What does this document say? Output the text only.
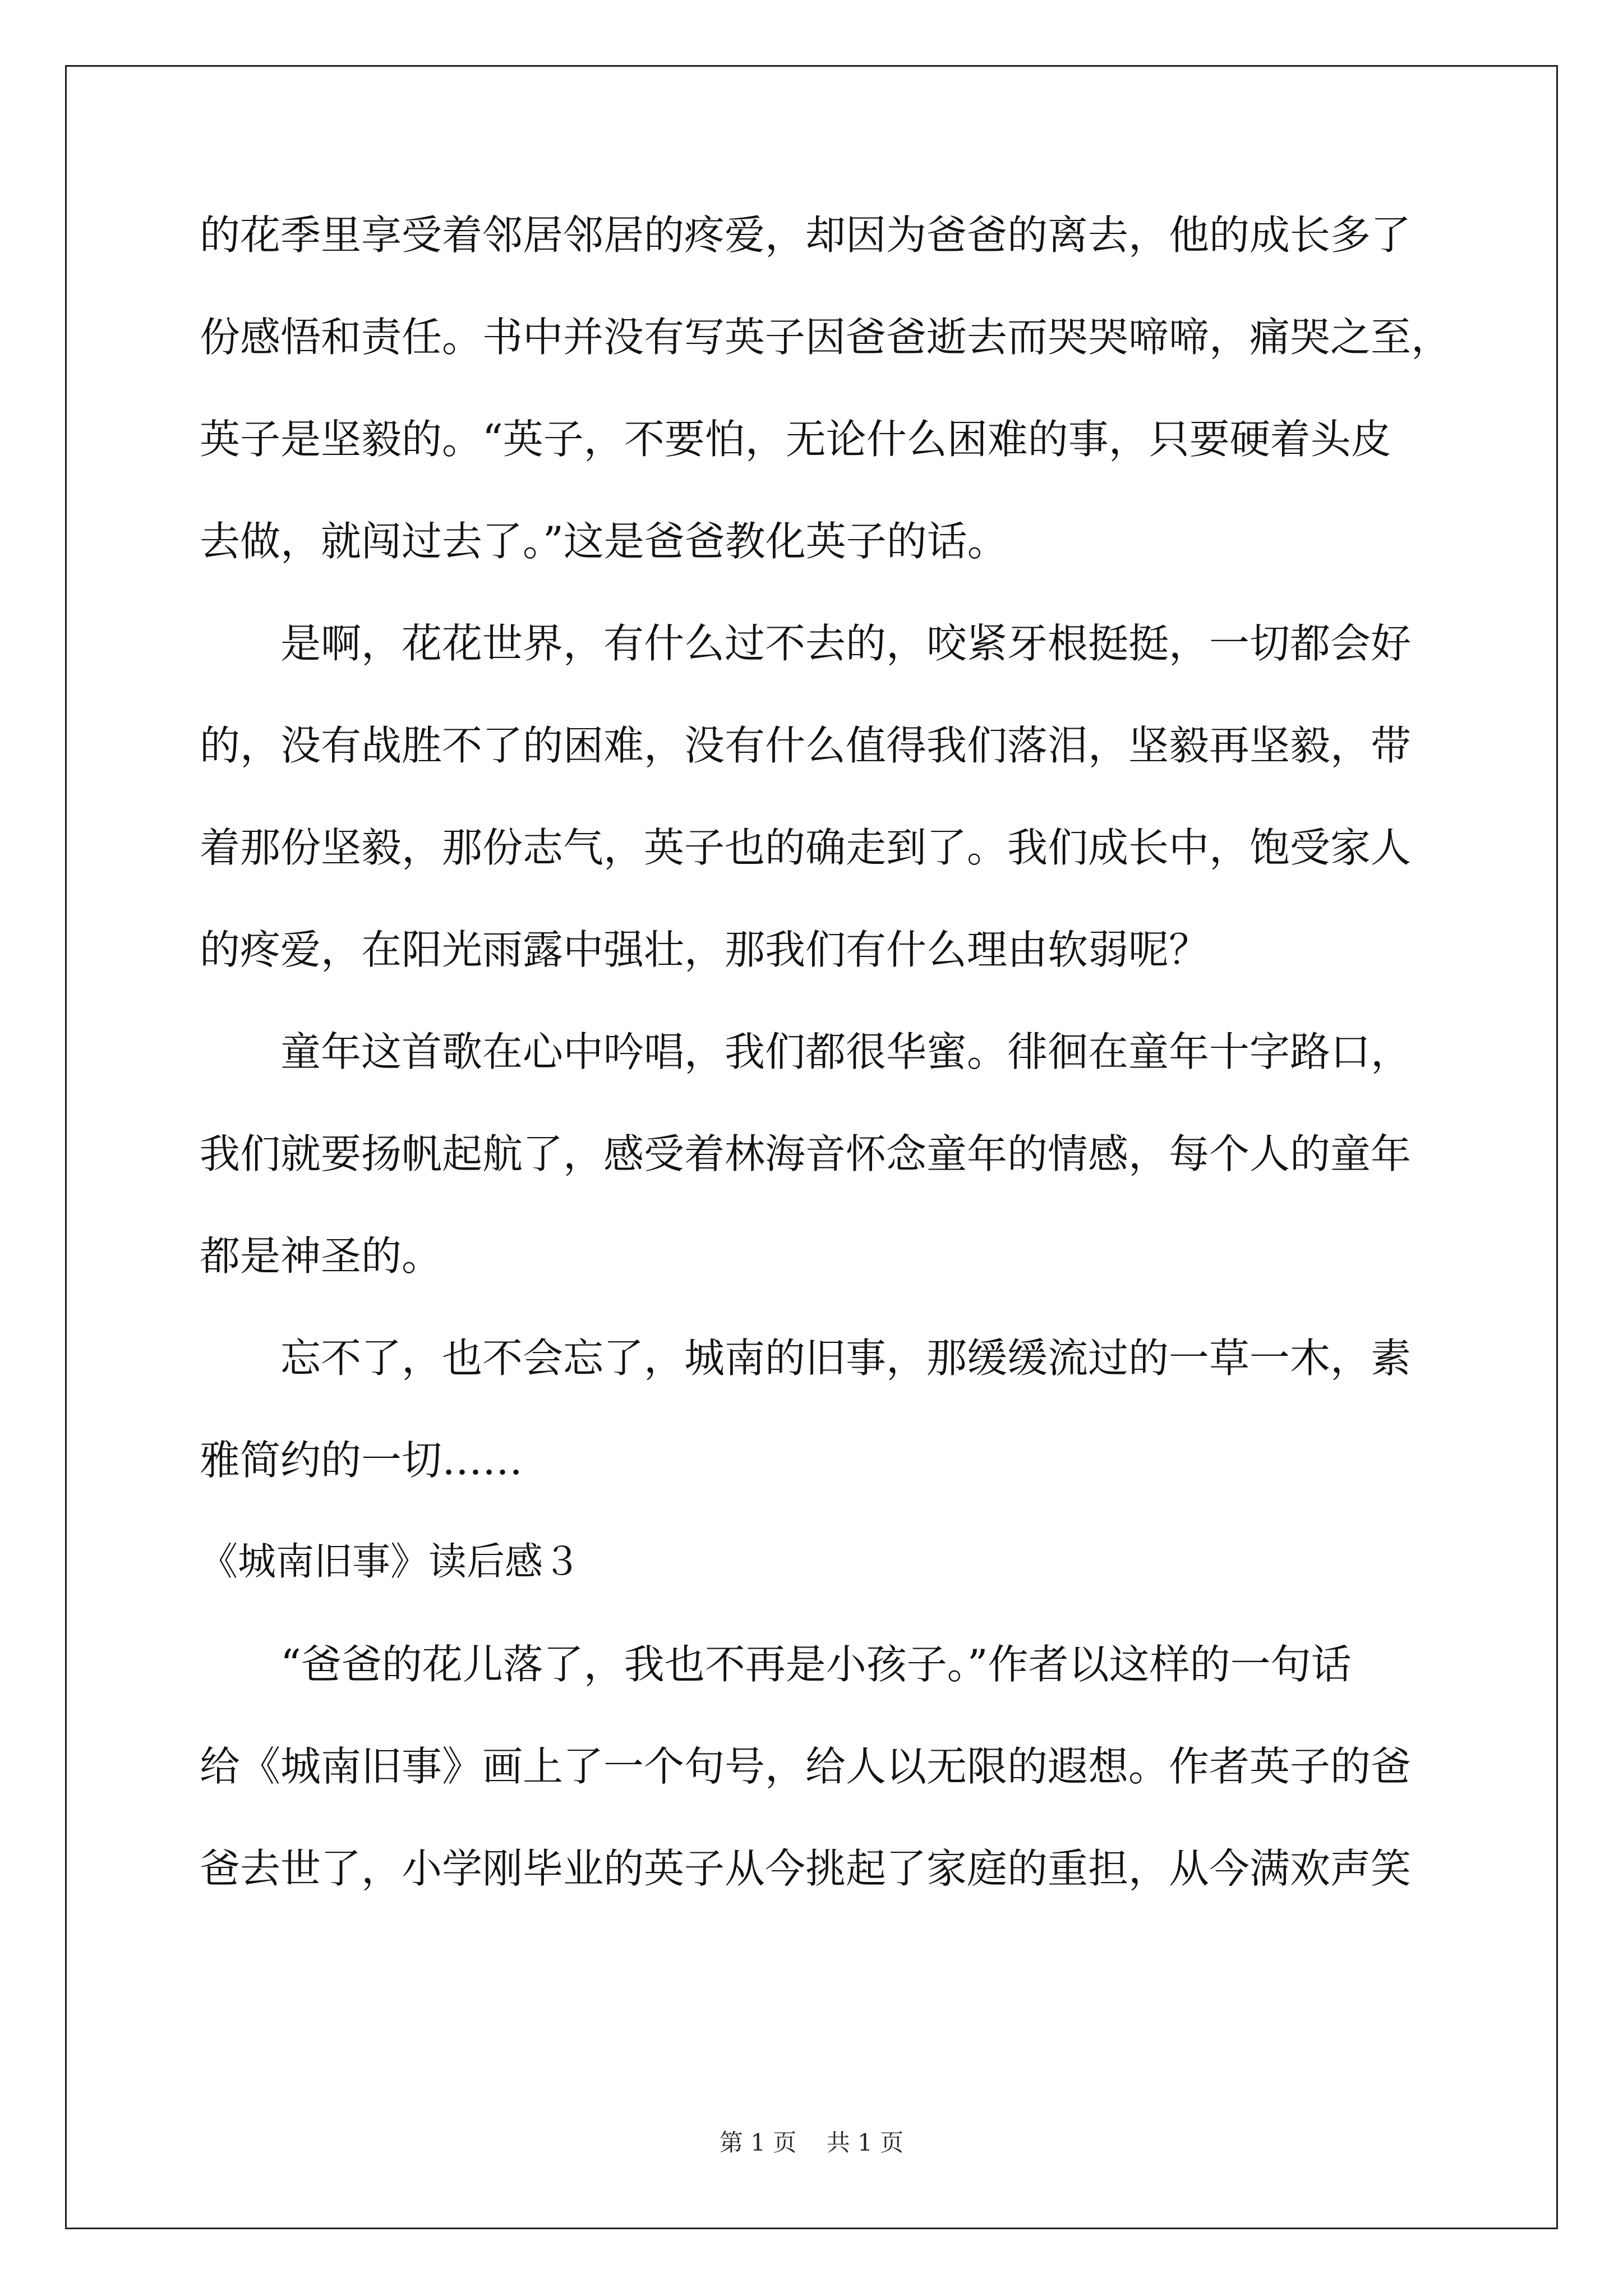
的花季里享受着邻居邻居的疼爱，却因为爸爸的离去，他的成长多了
份感悟和责任。书中并没有写英子因爸爸逝去而哭哭啼啼，痛哭之至，
英子是坚毅的。“英子，不要怕，无论什么困难的事，只要硬着头皮
去做，就闯过去了。”这是爸爸教化英子的话。
是啊，花花世界，有什么过不去的，咬紧牙根挺挺，一切都会好
的，没有战胜不了的困难，没有什么值得我们落泪，坚毅再坚毅，带
着那份坚毅，那份志气，英子也的确走到了。我们成长中，饱受家人
的疼爱，在阳光雨露中强壮，那我们有什么理由软弱呢？
童年这首歌在心中吟唱，我们都很华蜜。徘徊在童年十字路口，
我们就要扬帆起航了，感受着林海音怀念童年的情感，每个人的童年
都是神圣的。
忘不了，也不会忘了，城南的旧事，那缓缓流过的一草一木，素
雅简约的一切……
《城南旧事》读后感３
“爸爸的花儿落了，我也不再是小孩子。”作者以这样的一句话
给《城南旧事》画上了一个句号，给人以无限的遐想。作者英子的爸
爸去世了，小学刚毕业的英子从今挑起了家庭的重担，从今满欢声笑
第 1 页    共 1 页
